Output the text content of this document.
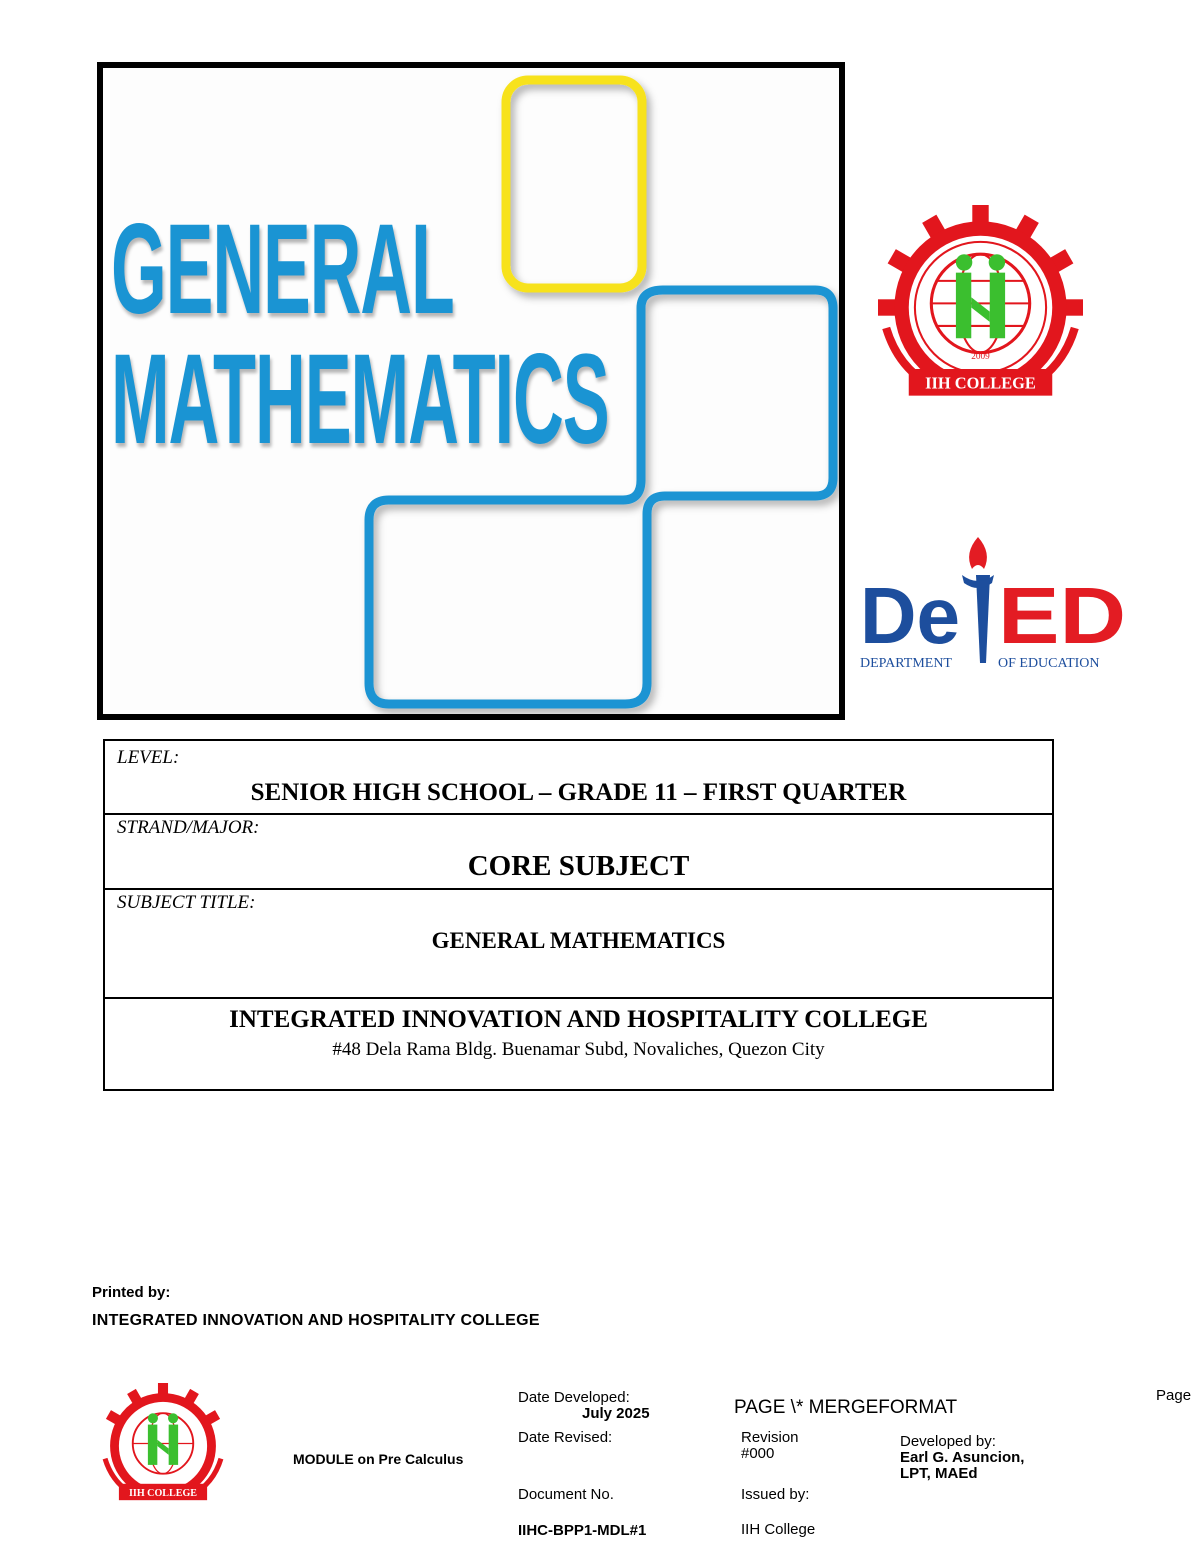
GENERAL
MATHEMATICS	IIH COLLEGE
2009
De ED
DEPARTMENT	OF EDUCATION
LEVEL:
SENIOR HIGH SCHOOL – GRADE 11 – FIRST QUARTER
STRAND/MAJOR:
CORE SUBJECT
SUBJECT TITLE:
GENERAL MATHEMATICS
INTEGRATED INNOVATION AND HOSPITALITY COLLEGE
#48 Dela Rama Bldg. Buenamar Subd, Novaliches, Quezon City
Printed by:
INTEGRATED INNOVATION AND HOSPITALITY COLLEGE
IIH COLLEGE
MODULE on Pre Calculus
Date Developed:
July 2025
Date Revised:
Document No.
IIHC-BPP1-MDL#1
PAGE \* MERGEFORMAT
Page
Revision
#000
Issued by:
IIH College
Developed by:
Earl G. Asuncion,
LPT, MAEd
